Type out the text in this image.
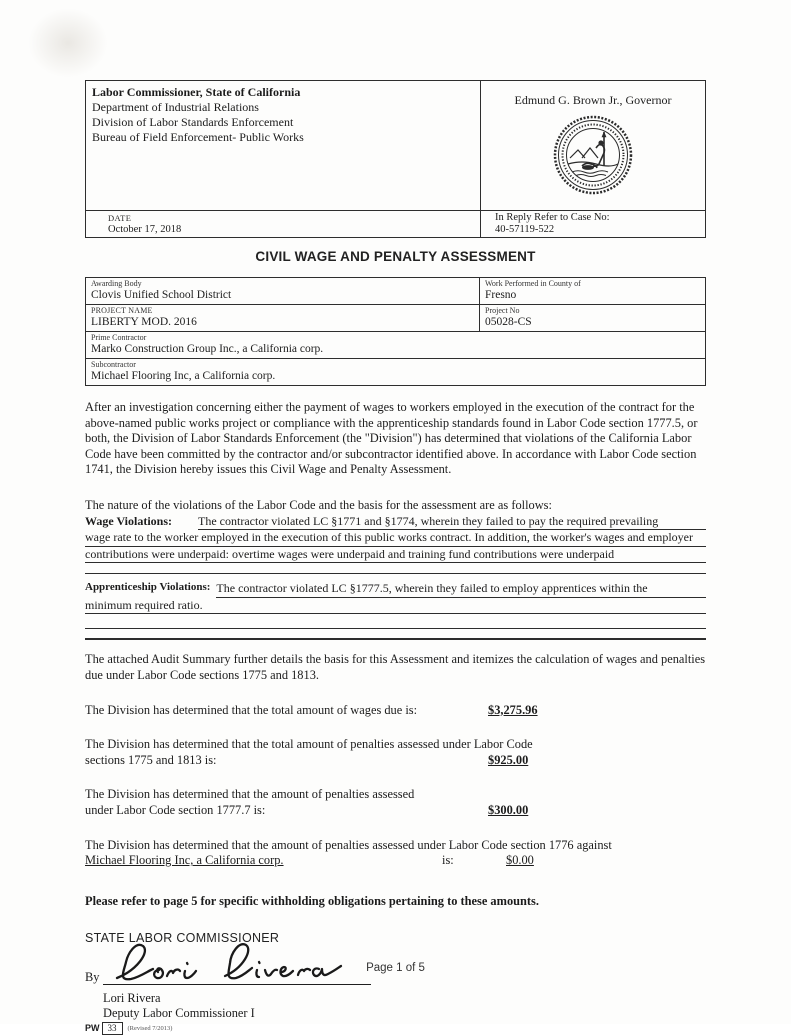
Labor Commissioner, State of California
Department of Industrial Relations
Division of Labor Standards Enforcement
Bureau of Field Enforcement- Public Works
Edmund G. Brown Jr., Governor
DATE
October 17, 2018
In Reply Refer to Case No:
40-57119-522
CIVIL WAGE AND PENALTY ASSESSMENT
Awarding Body
Clovis Unified School District
Work Performed in County of
Fresno
PROJECT NAME
LIBERTY MOD. 2016
Project No
05028-CS
Prime Contractor
Marko Construction Group Inc., a California corp.
Subcontractor
Michael Flooring Inc, a California corp.
After an investigation concerning either the payment of wages to workers employed in the execution of the contract for the above-named public works project or compliance with the apprenticeship standards found in Labor Code section 1777.5, or both, the Division of Labor Standards Enforcement (the "Division") has determined that violations of the California Labor Code have been committed by the contractor and/or subcontractor identified above. In accordance with Labor Code section 1741, the Division hereby issues this Civil Wage and Penalty Assessment.
The nature of the violations of the Labor Code and the basis for the assessment are as follows:
Wage Violations:	The contractor violated LC §1771 and §1774, wherein they failed to pay the required prevailing
wage rate to the worker employed in the execution of this public works contract. In addition, the worker's wages and employer
contributions were underpaid: overtime wages were underpaid and training fund contributions were underpaid
Apprenticeship Violations: The contractor violated LC §1777.5, wherein they failed to employ apprentices within the
minimum required ratio.
The attached Audit Summary further details the basis for this Assessment and itemizes the calculation of wages and penalties due under Labor Code sections 1775 and 1813.
The Division has determined that the total amount of wages due is:	$3,275.96
The Division has determined that the total amount of penalties assessed under Labor Code
sections 1775 and 1813 is:	$925.00
The Division has determined that the amount of penalties assessed
under Labor Code section 1777.7 is:	$300.00
The Division has determined that the amount of penalties assessed under Labor Code section 1776 against
Michael Flooring Inc, a California corp.	is:	$0.00
Please refer to page 5 for specific withholding obligations pertaining to these amounts.
STATE LABOR COMMISSIONER
By
Lori Rivera
Deputy Labor Commissioner I
PW 33	(Revised 7/2013)
Page 1 of 5
